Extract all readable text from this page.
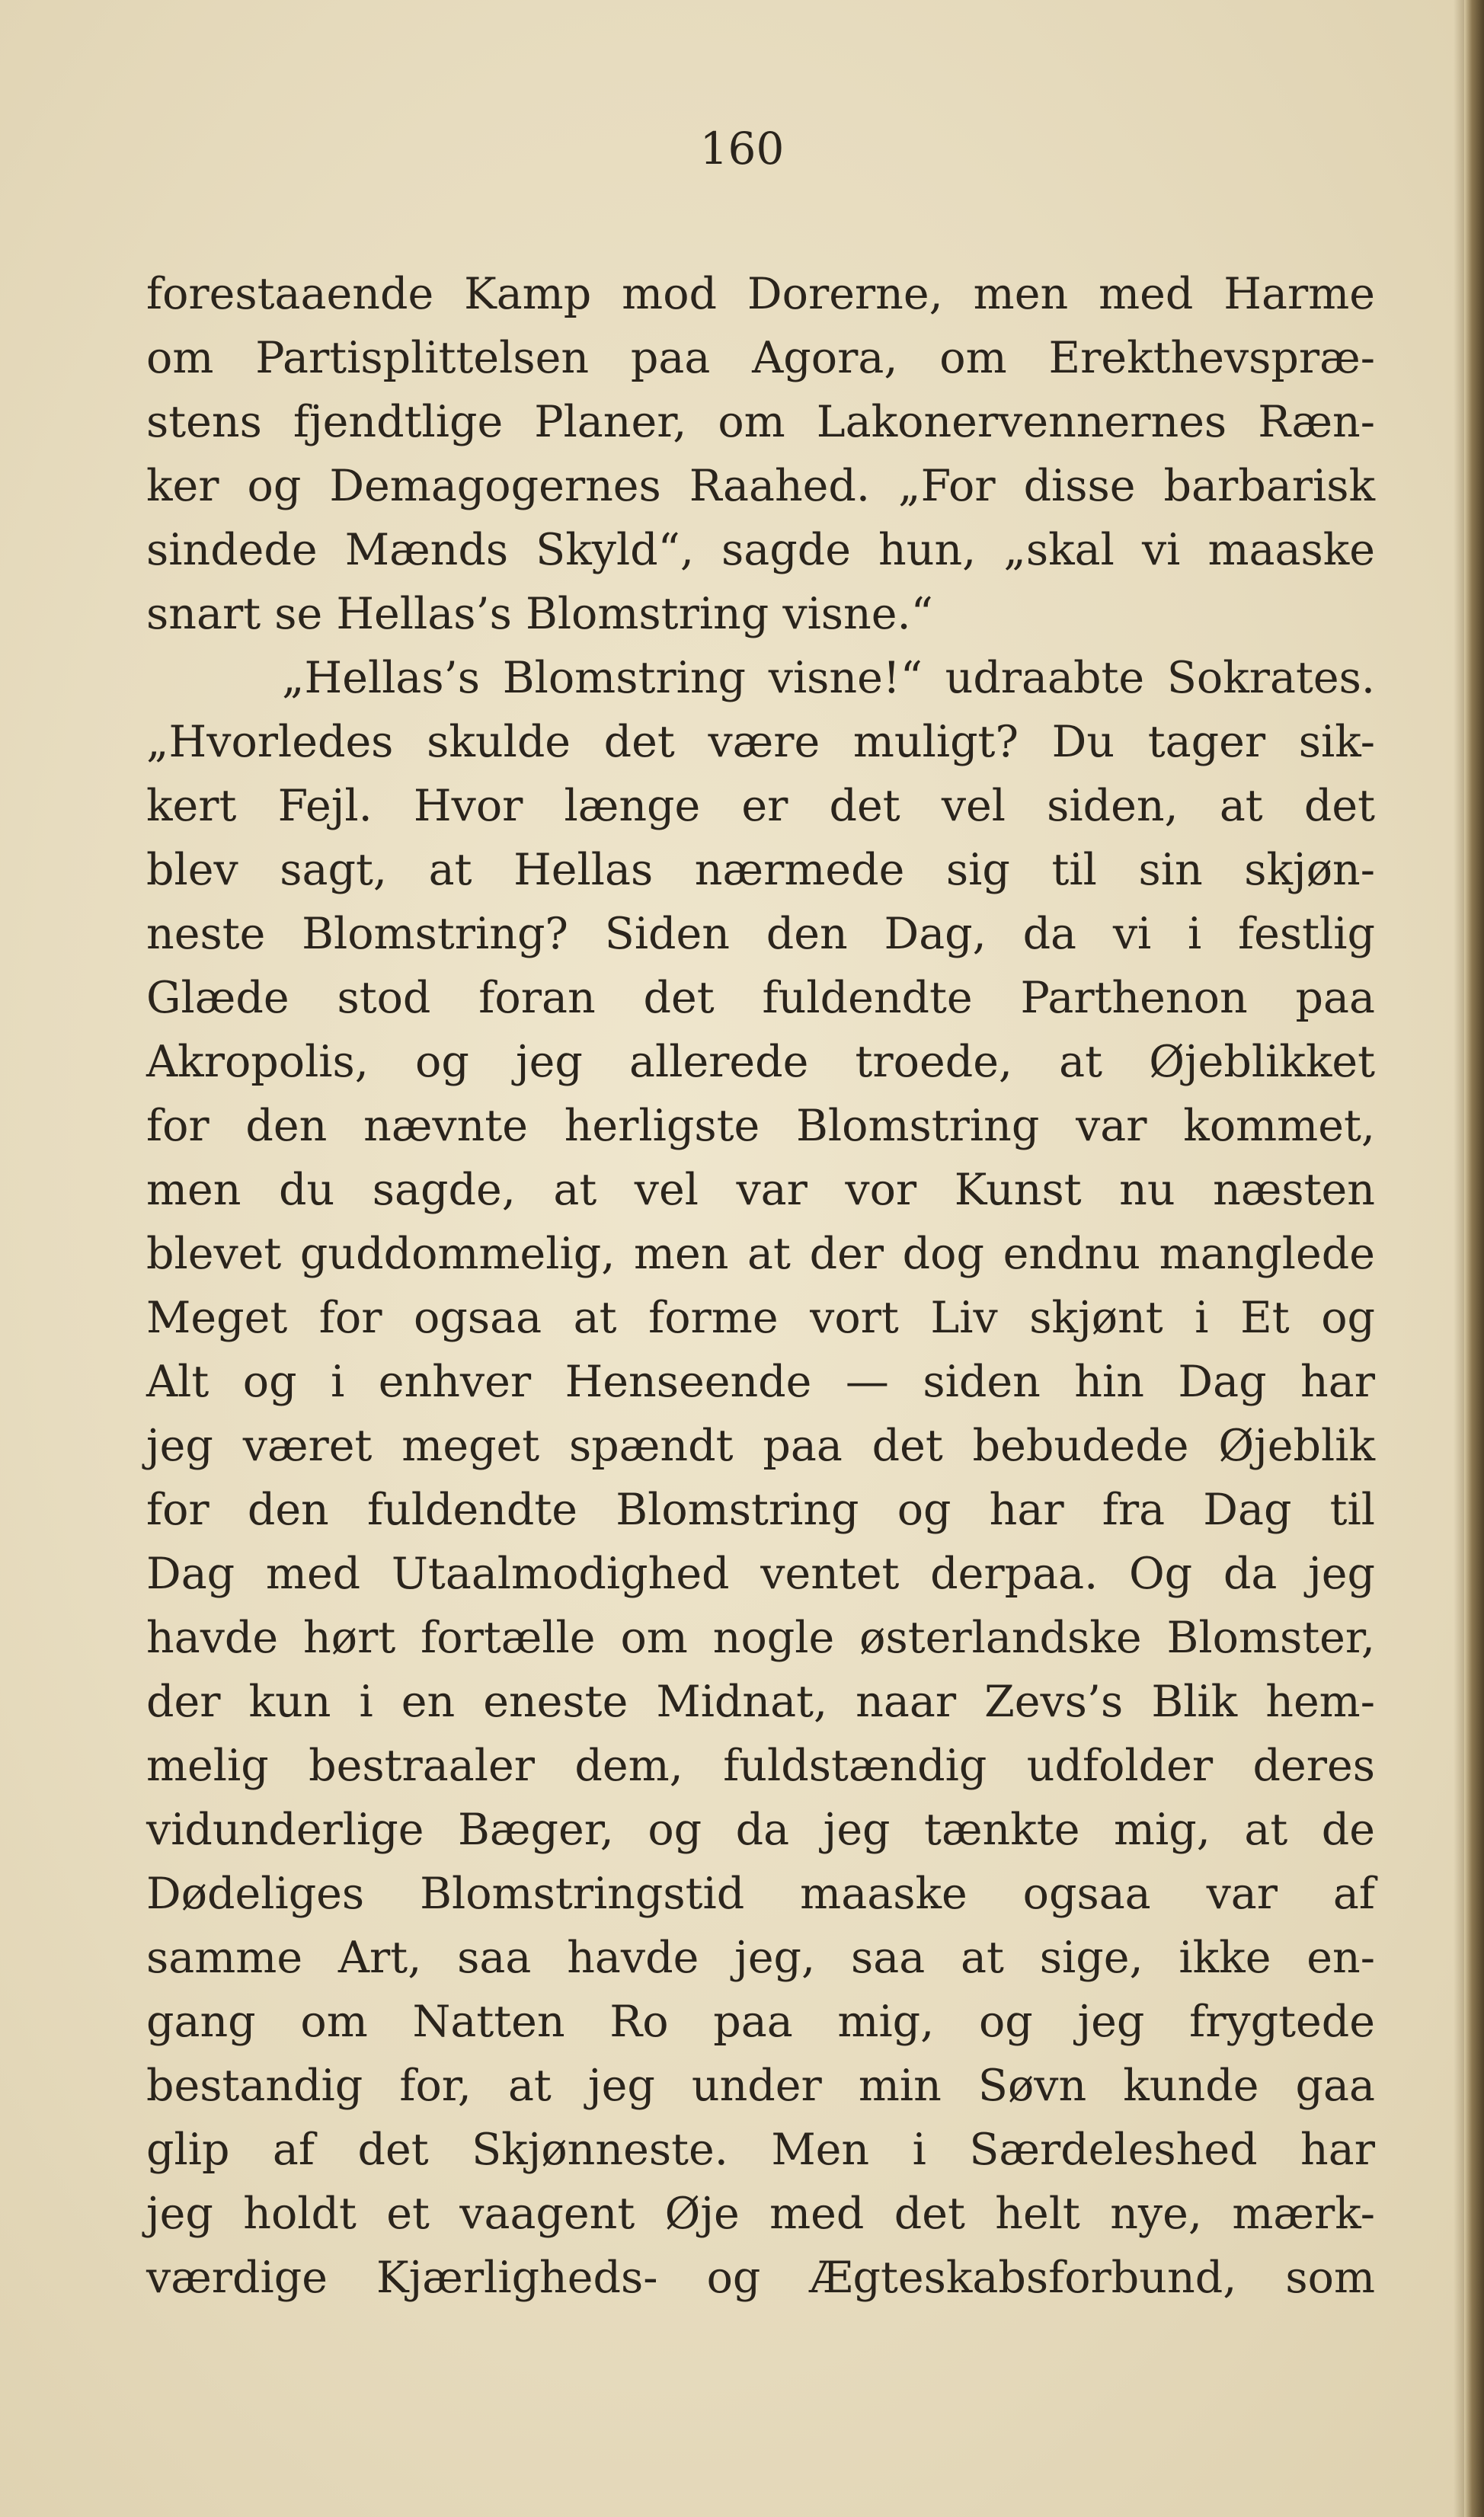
160

forestaaende Kamp mod Dorerne, men med Harme

om Partisplittelsen paa Agora, om Erekthevspræ-

stens fjendtlige Planer, om Lakonervennernes Ræn-

ker og Demagogernes Raahed. „For disse barbarisk

sindede Mænds Skyld“, sagde hun, „skal vi maaske

snart se Hellas’s Blomstring visne.“

„Hellas’s Blomstring visne!“ udraabte Sokrates.

„Hvorledes skulde det være muligt? Du tager sik-

kert Fejl. Hvor længe er det vel siden, at det

blev sagt, at Hellas nærmede sig til sin skjøn-

neste Blomstring? Siden den Dag, da vi i festlig

Glæde stod foran det fuldendte Parthenon paa

Akropolis, og jeg allerede troede, at Øjeblikket

for den nævnte herligste Blomstring var kommet,

men du sagde, at vel var vor Kunst nu næsten

blevet guddommelig, men at der dog endnu manglede

Meget for ogsaa at forme vort Liv skjønt i Et og

Alt og i enhver Henseende — siden hin Dag har

jeg været meget spændt paa det bebudede Øjeblik

for den fuldendte Blomstring og har fra Dag til

Dag med Utaalmodighed ventet derpaa. Og da jeg

havde hørt fortælle om nogle østerlandske Blomster,

der kun i en eneste Midnat, naar Zevs’s Blik hem-

melig bestraaler dem, fuldstændig udfolder deres

vidunderlige Bæger, og da jeg tænkte mig, at de

Dødeliges Blomstringstid maaske ogsaa var af

samme Art, saa havde jeg, saa at sige, ikke en-

gang om Natten Ro paa mig, og jeg frygtede

bestandig for, at jeg under min Søvn kunde gaa

glip af det Skjønneste. Men i Særdeleshed har

jeg holdt et vaagent Øje med det helt nye, mærk-

værdige Kjærligheds- og Ægteskabsforbund, som
